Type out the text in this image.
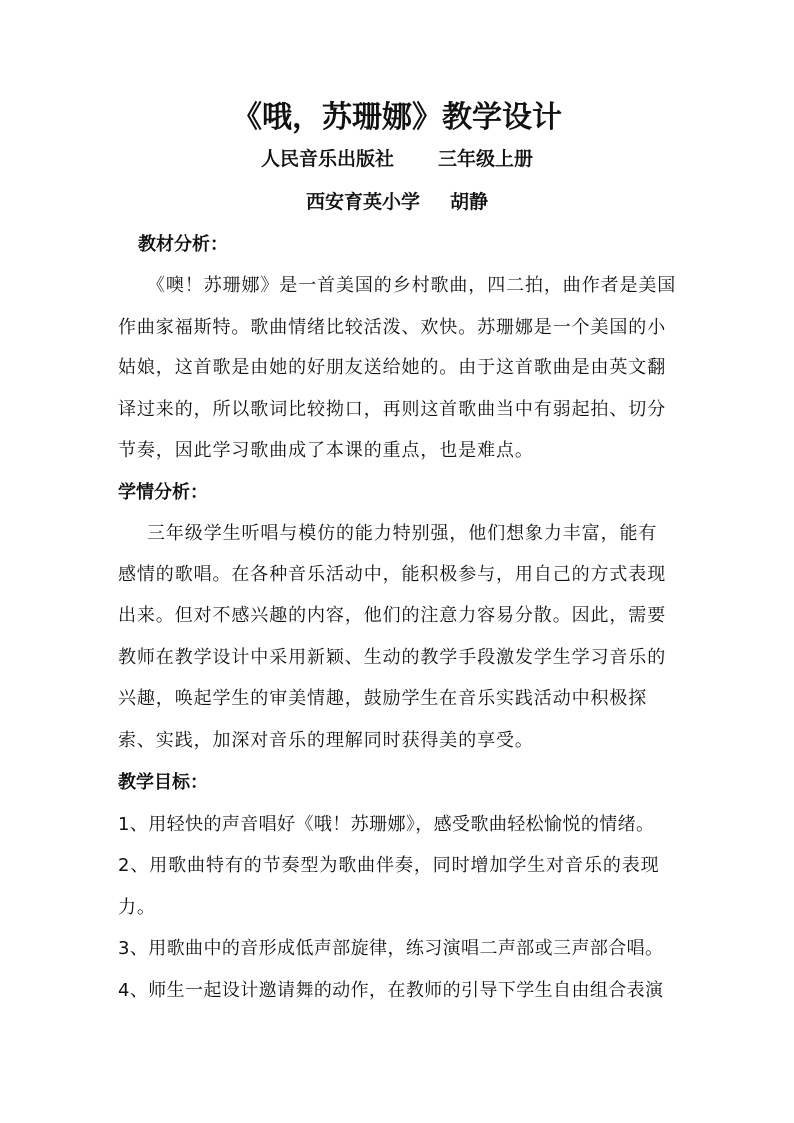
《哦，苏珊娜》教学设计
人民音乐出版社 三年级上册
西安育英小学 胡静
教材分析：
《噢！苏珊娜》是一首美国的乡村歌曲，四二拍，曲作者是美国
作曲家福斯特。歌曲情绪比较活泼、欢快。苏珊娜是一个美国的小
姑娘，这首歌是由她的好朋友送给她的。由于这首歌曲是由英文翻
译过来的，所以歌词比较拗口，再则这首歌曲当中有弱起拍、切分
节奏，因此学习歌曲成了本课的重点，也是难点。
学情分析：
三年级学生听唱与模仿的能力特别强，他们想象力丰富，能有
感情的歌唱。在各种音乐活动中，能积极参与，用自己的方式表现
出来。但对不感兴趣的内容，他们的注意力容易分散。因此，需要
教师在教学设计中采用新颖、生动的教学手段激发学生学习音乐的
兴趣，唤起学生的审美情趣，鼓励学生在音乐实践活动中积极探
索、实践，加深对音乐的理解同时获得美的享受。
教学目标：
1、用轻快的声音唱好《哦！苏珊娜》，感受歌曲轻松愉悦的情绪。
2、用歌曲特有的节奏型为歌曲伴奏，同时增加学生对音乐的表现
力。
3、用歌曲中的音形成低声部旋律，练习演唱二声部或三声部合唱。
4、师生一起设计邀请舞的动作，在教师的引导下学生自由组合表演
